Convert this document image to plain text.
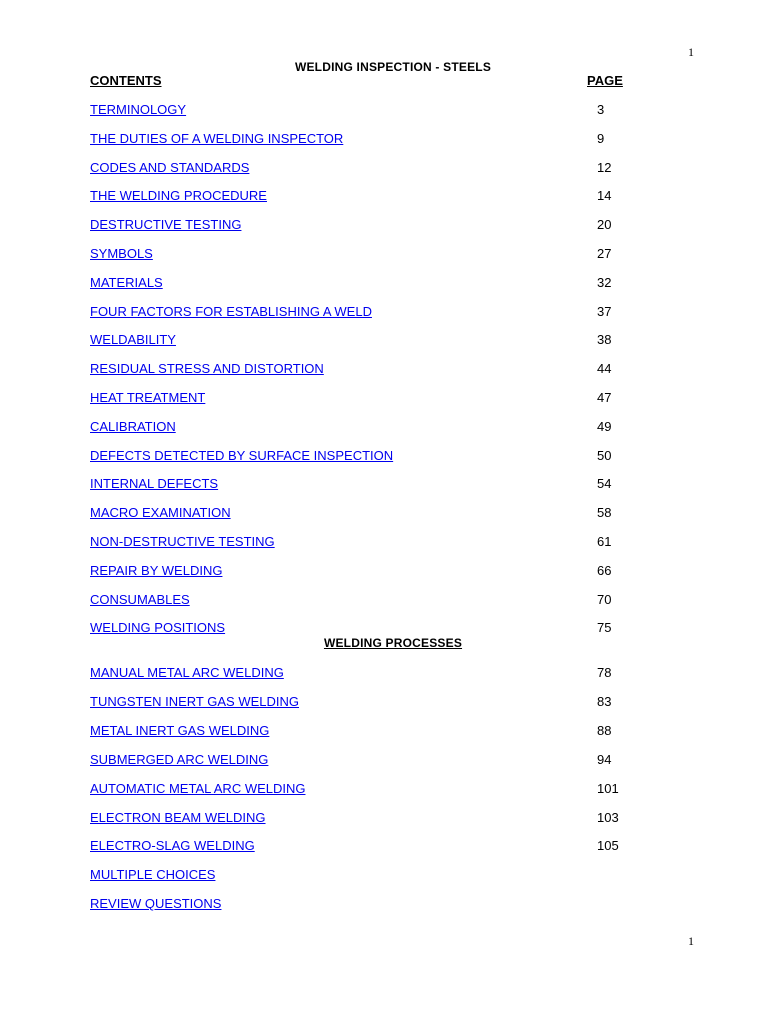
1
WELDING INSPECTION - STEELS
CONTENTS	PAGE
TERMINOLOGY	3
THE DUTIES OF A WELDING INSPECTOR	9
CODES AND STANDARDS	12
THE WELDING PROCEDURE	14
DESTRUCTIVE TESTING	20
SYMBOLS	27
MATERIALS	32
FOUR FACTORS FOR ESTABLISHING A WELD	37
WELDABILITY	38
RESIDUAL STRESS AND DISTORTION	44
HEAT TREATMENT	47
CALIBRATION	49
DEFECTS DETECTED BY SURFACE INSPECTION	50
INTERNAL DEFECTS	54
MACRO EXAMINATION	58
NON-DESTRUCTIVE TESTING	61
REPAIR BY WELDING	66
CONSUMABLES	70
WELDING POSITIONS	75
WELDING PROCESSES
MANUAL METAL ARC WELDING	78
TUNGSTEN INERT GAS WELDING	83
METAL INERT GAS WELDING	88
SUBMERGED ARC WELDING	94
AUTOMATIC METAL ARC WELDING	101
ELECTRON BEAM WELDING	103
ELECTRO-SLAG WELDING	105
MULTIPLE CHOICES
REVIEW QUESTIONS
1
